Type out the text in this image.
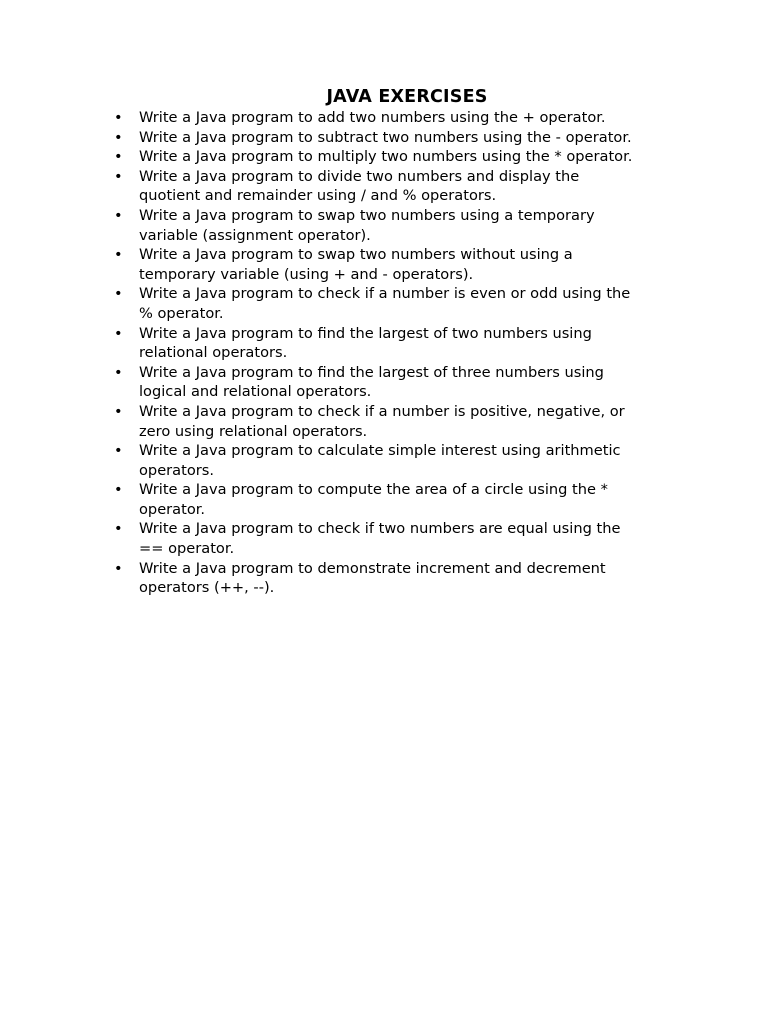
JAVA EXERCISES
• Write a Java program to add two numbers using the + operator.
• Write a Java program to subtract two numbers using the - operator.
• Write a Java program to multiply two numbers using the * operator.
• Write a Java program to divide two numbers and display the
quotient and remainder using / and % operators.
• Write a Java program to swap two numbers using a temporary
variable (assignment operator).
• Write a Java program to swap two numbers without using a
temporary variable (using + and - operators).
• Write a Java program to check if a number is even or odd using the
% operator.
• Write a Java program to find the largest of two numbers using
relational operators.
• Write a Java program to find the largest of three numbers using
logical and relational operators.
• Write a Java program to check if a number is positive, negative, or
zero using relational operators.
• Write a Java program to calculate simple interest using arithmetic
operators.
• Write a Java program to compute the area of a circle using the *
operator.
• Write a Java program to check if two numbers are equal using the
== operator.
• Write a Java program to demonstrate increment and decrement
operators (++, --).
